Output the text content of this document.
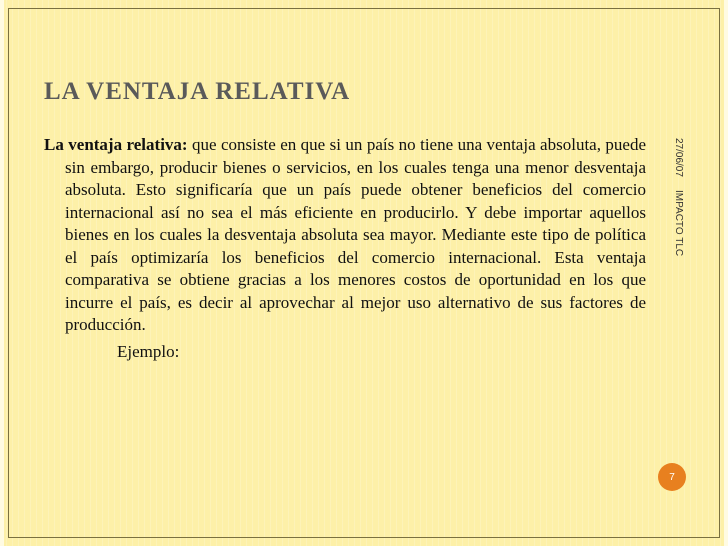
LA VENTAJA RELATIVA

La ventaja relativa: que consiste en que si un país no tiene una ventaja absoluta, puede sin embargo, producir bienes o servicios, en los cuales tenga una menor desventaja absoluta. Esto significaría que un país puede obtener beneficios del comercio internacional así no sea el más eficiente en producirlo. Y debe importar aquellos bienes en los cuales la desventaja absoluta sea mayor. Mediante este tipo de política el país optimizaría los beneficios del comercio internacional. Esta ventaja comparativa se obtiene gracias a los menores costos de oportunidad en los que incurre el país, es decir al aprovechar al mejor uso alternativo de sus factores de producción.

Ejemplo:

27/06/07
IMPACTO TLC
7
